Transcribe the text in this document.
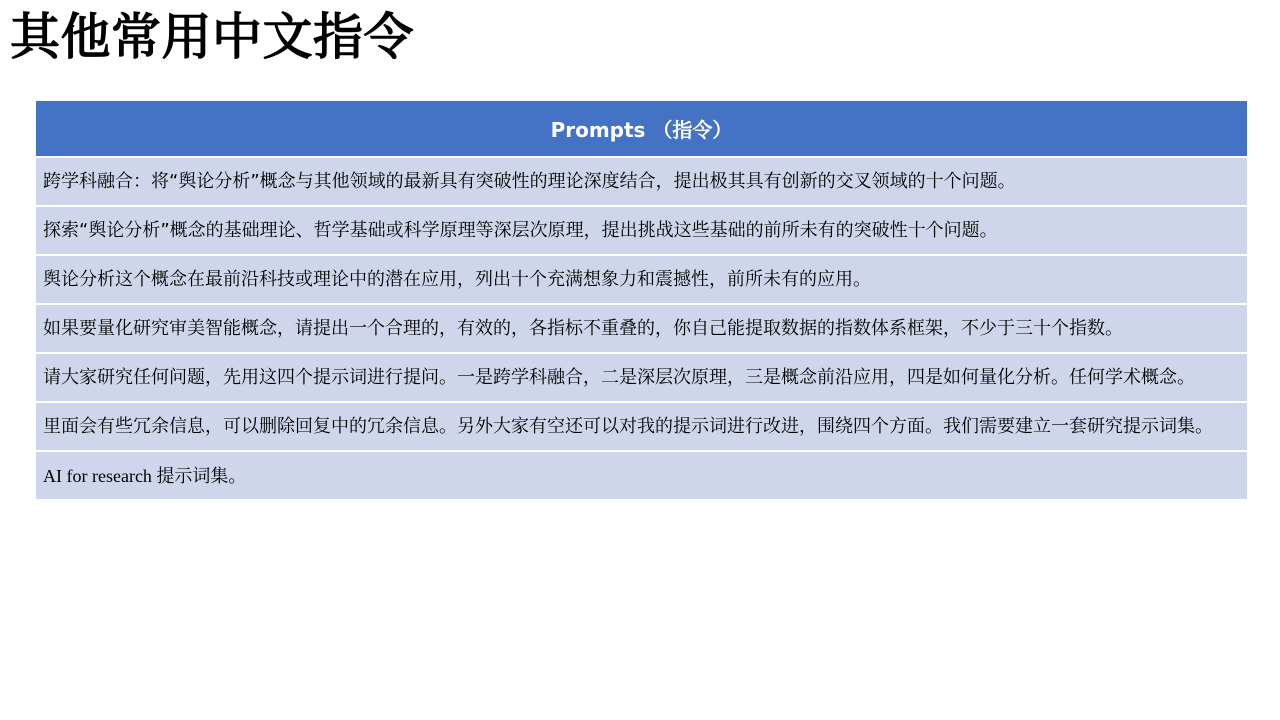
其他常用中文指令
Prompts （指令）
跨学科融合：将“舆论分析”概念与其他领域的最新具有突破性的理论深度结合，提出极其具有创新的交叉领域的十个问题。
探索“舆论分析”概念的基础理论、哲学基础或科学原理等深层次原理，提出挑战这些基础的前所未有的突破性十个问题。
舆论分析这个概念在最前沿科技或理论中的潜在应用，列出十个充满想象力和震撼性，前所未有的应用。
如果要量化研究审美智能概念，请提出一个合理的，有效的，各指标不重叠的，你自己能提取数据的指数体系框架，不少于三十个指数。
请大家研究任何问题，先用这四个提示词进行提问。一是跨学科融合，二是深层次原理，三是概念前沿应用，四是如何量化分析。任何学术概念。
里面会有些冗余信息，可以删除回复中的冗余信息。另外大家有空还可以对我的提示词进行改进，围绕四个方面。我们需要建立一套研究提示词集。
AI for research 提示词集。
